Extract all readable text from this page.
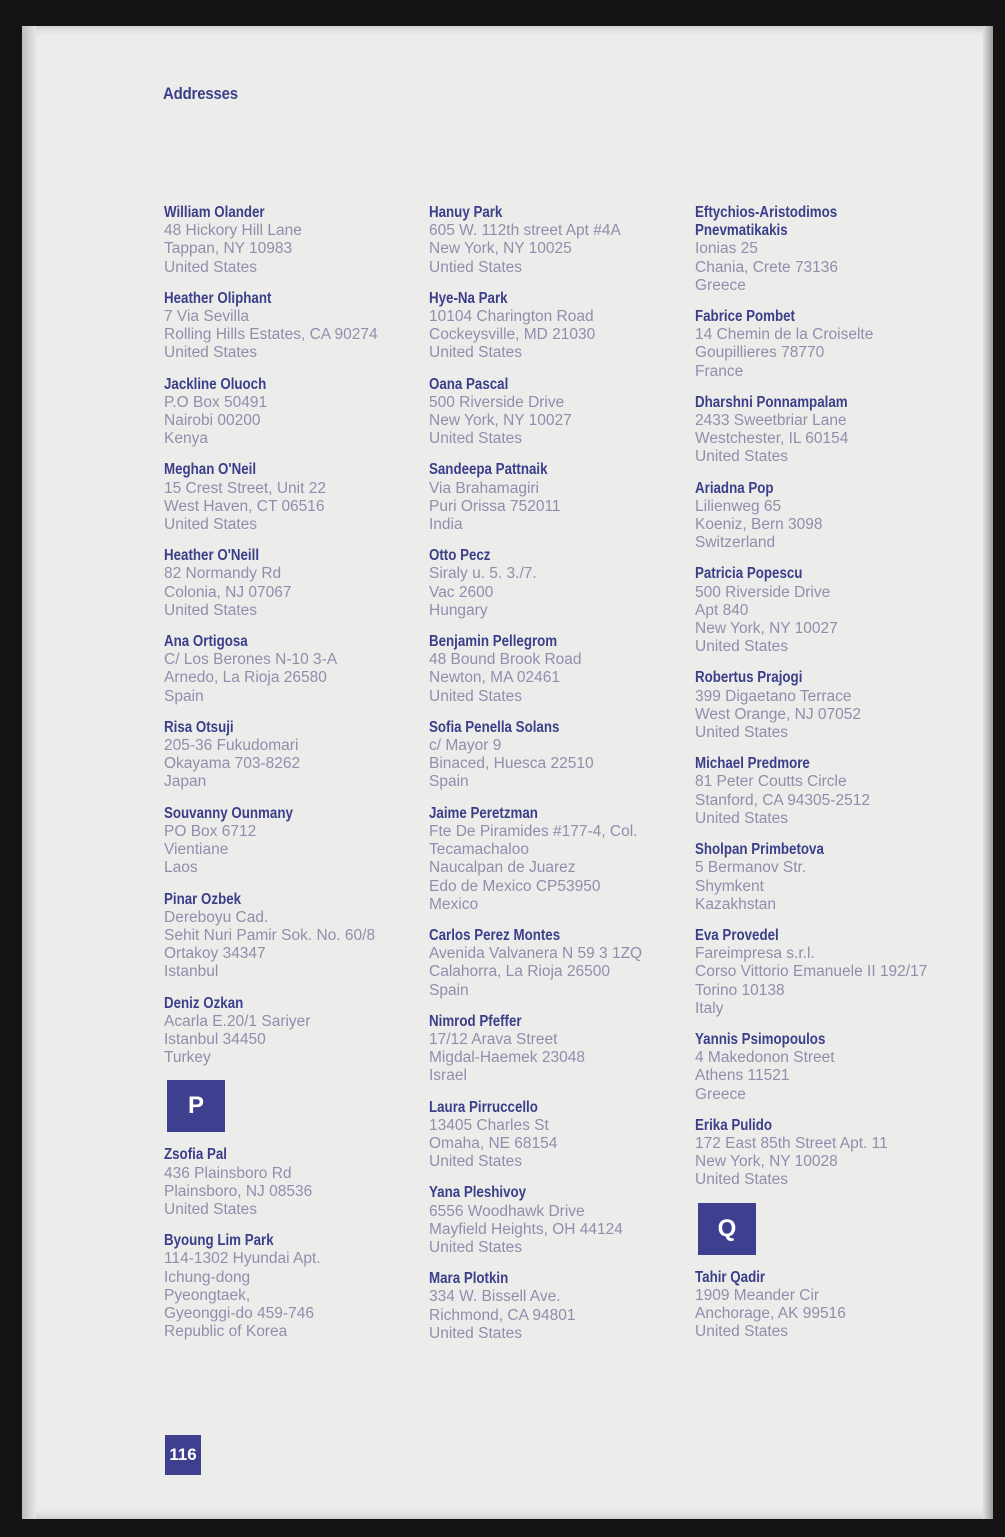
Addresses
William Olander
48 Hickory Hill Lane
Tappan, NY 10983
United States
Heather Oliphant
7 Via Sevilla
Rolling Hills Estates, CA 90274
United States
Jackline Oluoch
P.O Box 50491
Nairobi 00200
Kenya
Meghan O'Neil
15 Crest Street, Unit 22
West Haven, CT 06516
United States
Heather O'Neill
82 Normandy Rd
Colonia, NJ 07067
United States
Ana Ortigosa
C/ Los Berones N-10 3-A
Arnedo, La Rioja 26580
Spain
Risa Otsuji
205-36 Fukudomari
Okayama 703-8262
Japan
Souvanny Ounmany
PO Box 6712
Vientiane
Laos
Pinar Ozbek
Dereboyu Cad.
Sehit Nuri Pamir Sok. No. 60/8
Ortakoy 34347
Istanbul
Deniz Ozkan
Acarla E.20/1 Sariyer
Istanbul 34450
Turkey
P
Zsofia Pal
436 Plainsboro Rd
Plainsboro, NJ 08536
United States
Byoung Lim Park
114-1302 Hyundai Apt.
Ichung-dong
Pyeongtaek,
Gyeonggi-do 459-746
Republic of Korea
Hanuy Park
605 W. 112th street Apt #4A
New York, NY 10025
Untied States
Hye-Na Park
10104 Charington Road
Cockeysville, MD 21030
United States
Oana Pascal
500 Riverside Drive
New York, NY 10027
United States
Sandeepa Pattnaik
Via Brahamagiri
Puri Orissa 752011
India
Otto Pecz
Siraly u. 5. 3./7.
Vac 2600
Hungary
Benjamin Pellegrom
48 Bound Brook Road
Newton, MA 02461
United States
Sofia Penella Solans
c/ Mayor 9
Binaced, Huesca 22510
Spain
Jaime Peretzman
Fte De Piramides #177-4, Col.
Tecamachaloo
Naucalpan de Juarez
Edo de Mexico CP53950
Mexico
Carlos Perez Montes
Avenida Valvanera N 59 3 1ZQ
Calahorra, La Rioja 26500
Spain
Nimrod Pfeffer
17/12 Arava Street
Migdal-Haemek 23048
Israel
Laura Pirruccello
13405 Charles St
Omaha, NE 68154
United States
Yana Pleshivoy
6556 Woodhawk Drive
Mayfield Heights, OH 44124
United States
Mara Plotkin
334 W. Bissell Ave.
Richmond, CA 94801
United States
Eftychios-Aristodimos
Pnevmatikakis
Ionias 25
Chania, Crete 73136
Greece
Fabrice Pombet
14 Chemin de la Croiselte
Goupillieres 78770
France
Dharshni Ponnampalam
2433 Sweetbriar Lane
Westchester, IL 60154
United States
Ariadna Pop
Lilienweg 65
Koeniz, Bern 3098
Switzerland
Patricia Popescu
500 Riverside Drive
Apt 840
New York, NY 10027
United States
Robertus Prajogi
399 Digaetano Terrace
West Orange, NJ 07052
United States
Michael Predmore
81 Peter Coutts Circle
Stanford, CA 94305-2512
United States
Sholpan Primbetova
5 Bermanov Str.
Shymkent
Kazakhstan
Eva Provedel
Fareimpresa s.r.l.
Corso Vittorio Emanuele II 192/17
Torino 10138
Italy
Yannis Psimopoulos
4 Makedonon Street
Athens 11521
Greece
Erika Pulido
172 East 85th Street Apt. 11
New York, NY 10028
United States
Q
Tahir Qadir
1909 Meander Cir
Anchorage, AK 99516
United States
116
